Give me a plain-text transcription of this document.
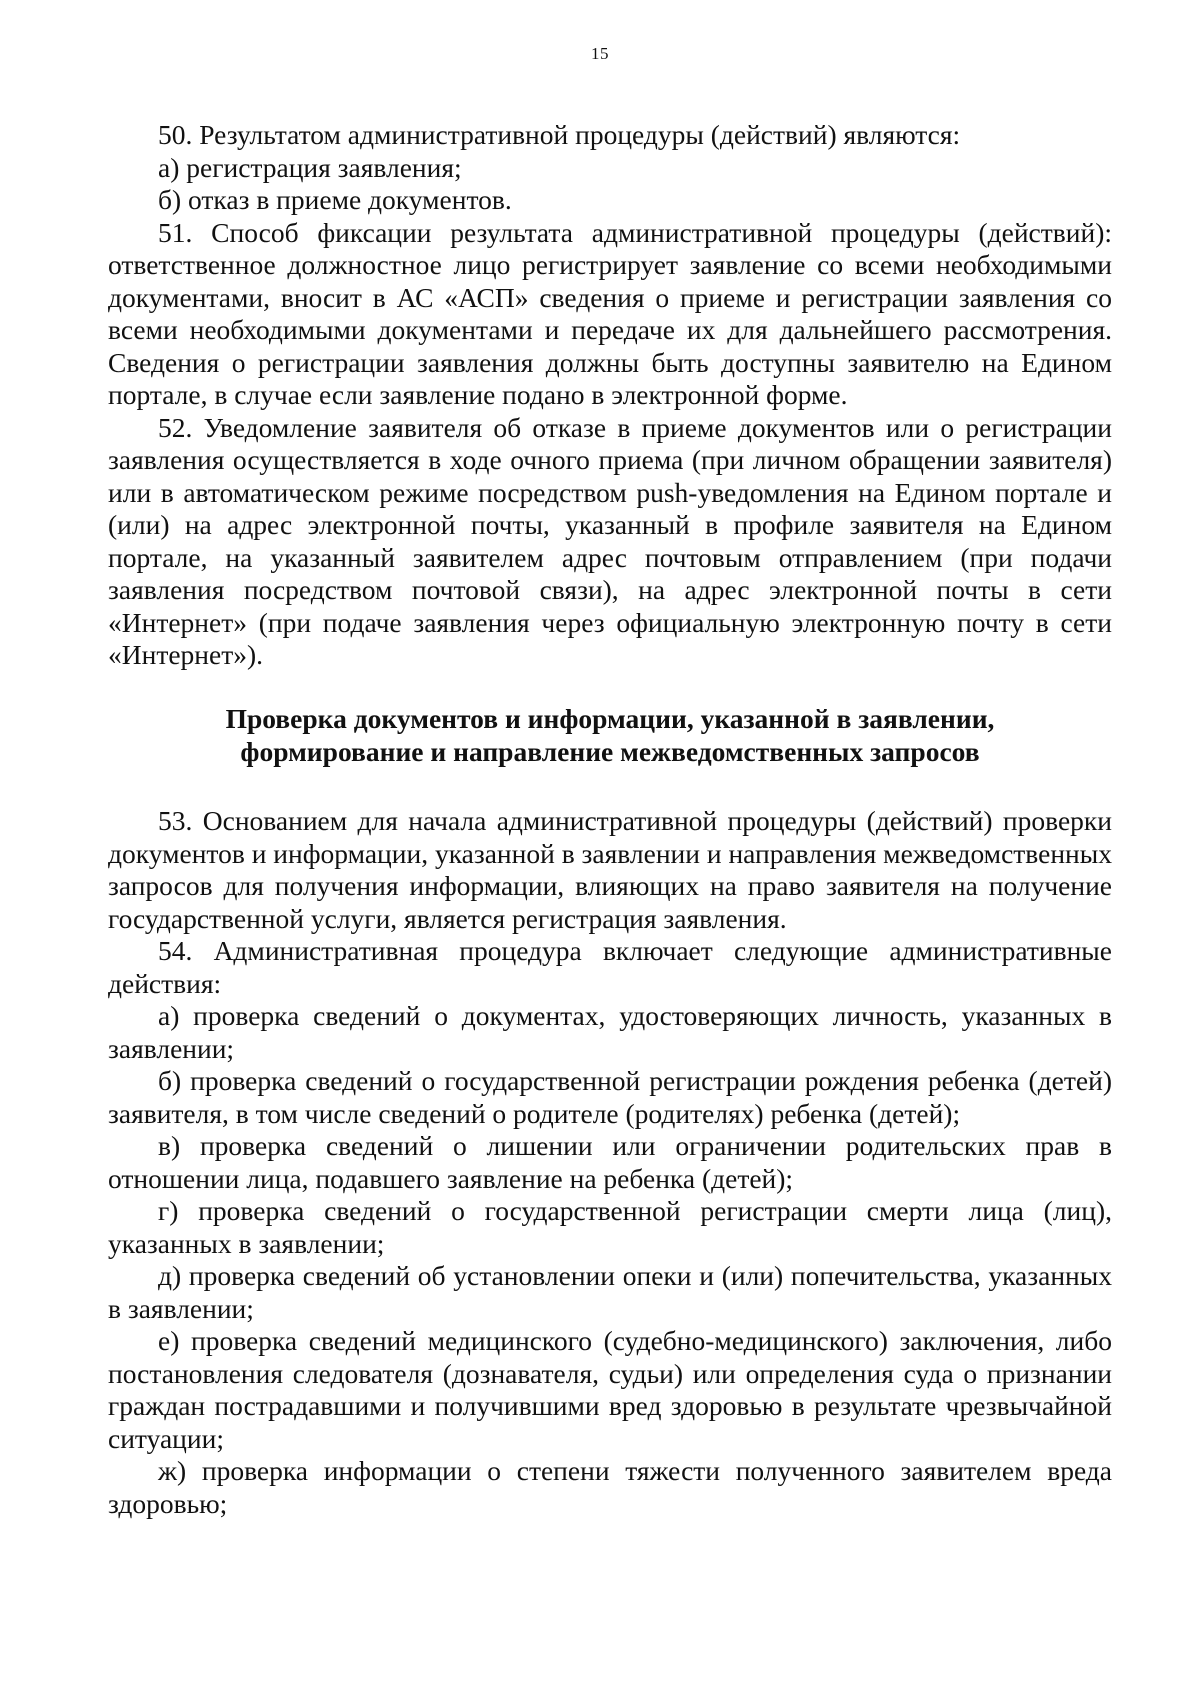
15

50. Результатом административной процедуры (действий) являются:

а) регистрация заявления;

б) отказ в приеме документов.

51. Способ фиксации результата административной процедуры (действий): ответственное должностное лицо регистрирует заявление со всеми необходимыми документами, вносит в АС «АСП» сведения о приеме и регистрации заявления со всеми необходимыми документами и передаче их для дальнейшего рассмотрения. Сведения о регистрации заявления должны быть доступны заявителю на Едином портале, в случае если заявление подано в электронной форме.

52. Уведомление заявителя об отказе в приеме документов или о регистрации заявления осуществляется в ходе очного приема (при личном обращении заявителя) или в автоматическом режиме посредством push-уведомления на Едином портале и (или) на адрес электронной почты, указанный в профиле заявителя на Едином портале, на указанный заявителем адрес почтовым отправлением (при подачи заявления посредством почтовой связи), на адрес электронной почты в сети «Интернет» (при подаче заявления через официальную электронную почту в сети «Интернет»).

Проверка документов и информации, указанной в заявлении,
формирование и направление межведомственных запросов

53. Основанием для начала административной процедуры (действий) проверки документов и информации, указанной в заявлении и направления межведомственных запросов для получения информации, влияющих на право заявителя на получение государственной услуги, является регистрация заявления.

54. Административная процедура включает следующие административные действия:

а) проверка сведений о документах, удостоверяющих личность, указанных в заявлении;

б) проверка сведений о государственной регистрации рождения ребенка (детей) заявителя, в том числе сведений о родителе (родителях) ребенка (детей);

в) проверка сведений о лишении или ограничении родительских прав в отношении лица, подавшего заявление на ребенка (детей);

г) проверка сведений о государственной регистрации смерти лица (лиц), указанных в заявлении;

д) проверка сведений об установлении опеки и (или) попечительства, указанных в заявлении;

е) проверка сведений медицинского (судебно-медицинского) заключения, либо постановления следователя (дознавателя, судьи) или определения суда о признании граждан пострадавшими и получившими вред здоровью в результате чрезвычайной ситуации;

ж) проверка информации о степени тяжести полученного заявителем вреда здоровью;
